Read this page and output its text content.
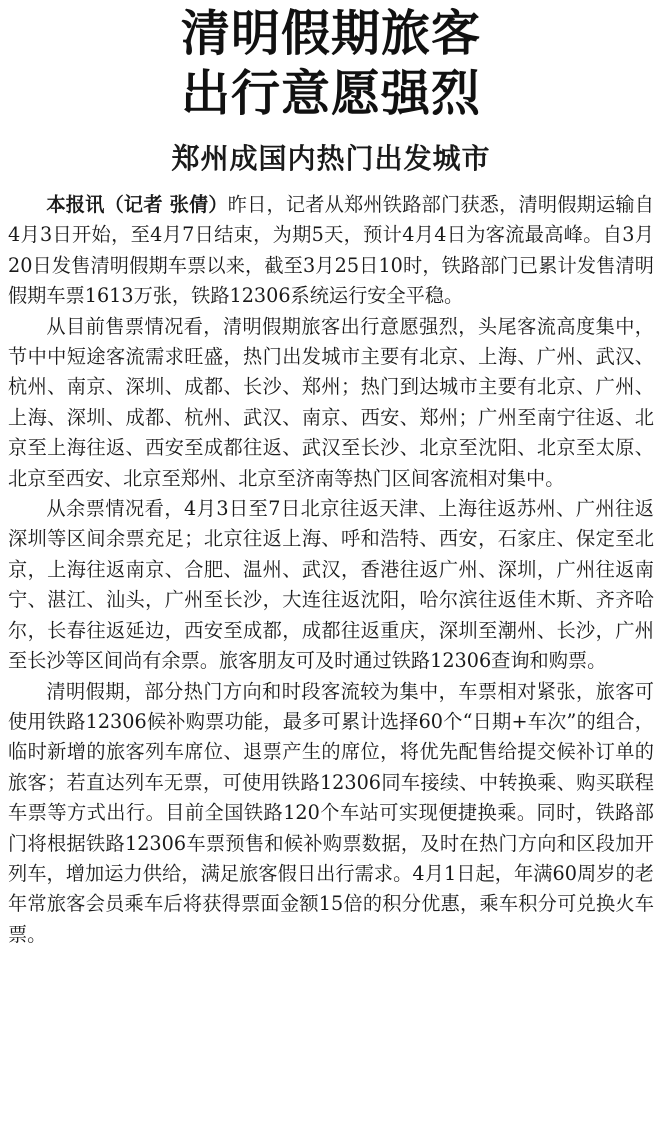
清明假期旅客
出行意愿强烈
郑州成国内热门出发城市

本报讯（记者 张倩）昨日，记者从郑州铁路部门获悉，清明假期运输自4月3日开始，至4月7日结束，为期5天，预计4月4日为客流最高峰。自3月20日发售清明假期车票以来，截至3月25日10时，铁路部门已累计发售清明假期车票1613万张，铁路12306系统运行安全平稳。

从目前售票情况看，清明假期旅客出行意愿强烈，头尾客流高度集中，节中中短途客流需求旺盛，热门出发城市主要有北京、上海、广州、武汉、杭州、南京、深圳、成都、长沙、郑州；热门到达城市主要有北京、广州、上海、深圳、成都、杭州、武汉、南京、西安、郑州；广州至南宁往返、北京至上海往返、西安至成都往返、武汉至长沙、北京至沈阳、北京至太原、北京至西安、北京至郑州、北京至济南等热门区间客流相对集中。

从余票情况看，4月3日至7日北京往返天津、上海往返苏州、广州往返深圳等区间余票充足；北京往返上海、呼和浩特、西安，石家庄、保定至北京，上海往返南京、合肥、温州、武汉，香港往返广州、深圳，广州往返南宁、湛江、汕头，广州至长沙，大连往返沈阳，哈尔滨往返佳木斯、齐齐哈尔，长春往返延边，西安至成都，成都往返重庆，深圳至潮州、长沙，广州至长沙等区间尚有余票。旅客朋友可及时通过铁路12306查询和购票。

清明假期，部分热门方向和时段客流较为集中，车票相对紧张，旅客可使用铁路12306候补购票功能，最多可累计选择60个“日期+车次”的组合，临时新增的旅客列车席位、退票产生的席位，将优先配售给提交候补订单的旅客；若直达列车无票，可使用铁路12306同车接续、中转换乘、购买联程车票等方式出行。目前全国铁路120个车站可实现便捷换乘。同时，铁路部门将根据铁路12306车票预售和候补购票数据，及时在热门方向和区段加开列车，增加运力供给，满足旅客假日出行需求。4月1日起，年满60周岁的老年常旅客会员乘车后将获得票面金额15倍的积分优惠，乘车积分可兑换火车票。
